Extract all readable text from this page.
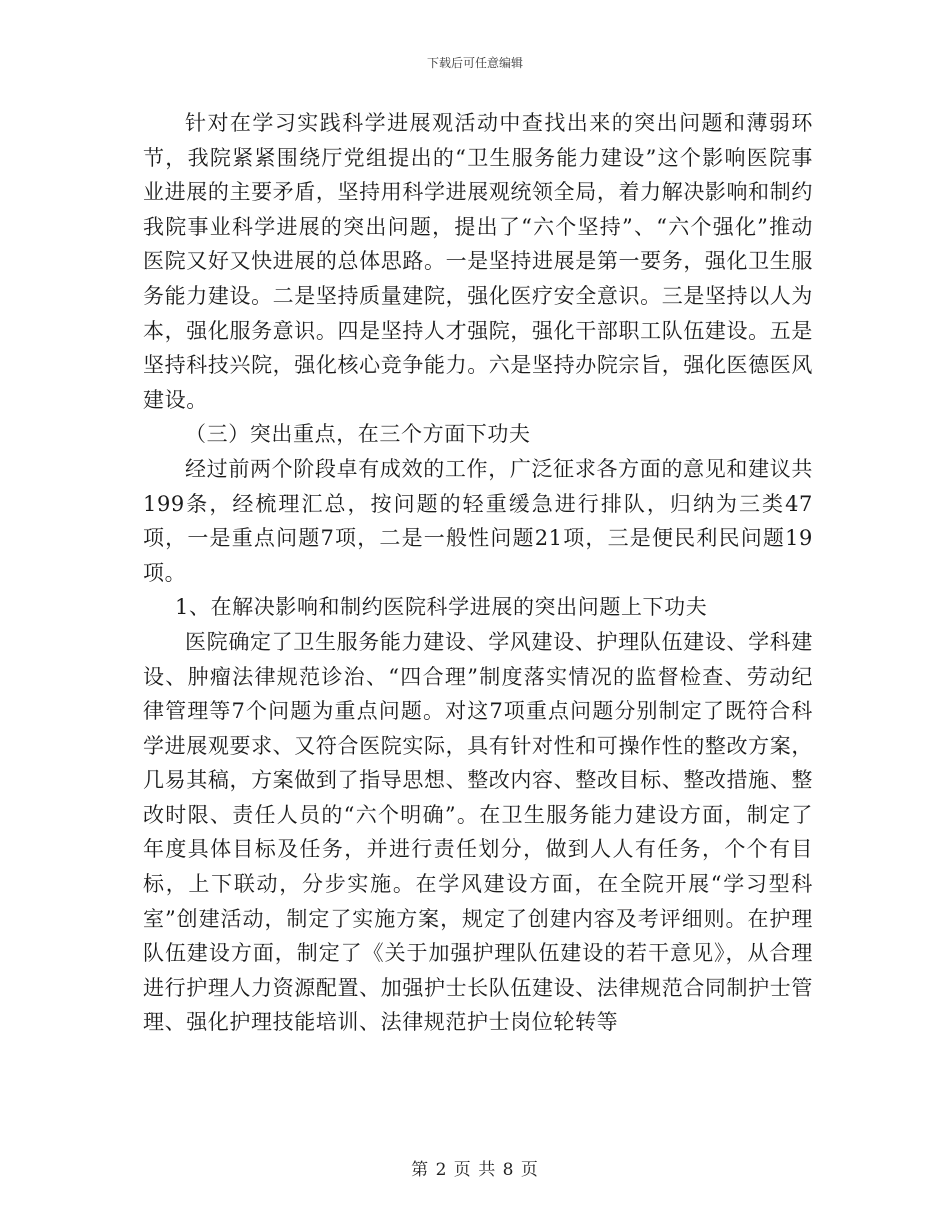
下载后可任意编辑

针对在学习实践科学进展观活动中查找出来的突出问题和薄弱环节，我院紧紧围绕厅党组提出的“卫生服务能力建设”这个影响医院事业进展的主要矛盾，坚持用科学进展观统领全局，着力解决影响和制约我院事业科学进展的突出问题，提出了“六个坚持”、“六个强化”推动医院又好又快进展的总体思路。一是坚持进展是第一要务，强化卫生服务能力建设。二是坚持质量建院，强化医疗安全意识。三是坚持以人为本，强化服务意识。四是坚持人才强院，强化干部职工队伍建设。五是坚持科技兴院，强化核心竞争能力。六是坚持办院宗旨，强化医德医风建设。

（三）突出重点，在三个方面下功夫

经过前两个阶段卓有成效的工作，广泛征求各方面的意见和建议共199条，经梳理汇总，按问题的轻重缓急进行排队，归纳为三类47项，一是重点问题7项，二是一般性问题21项，三是便民利民问题19项。

1、在解决影响和制约医院科学进展的突出问题上下功夫

医院确定了卫生服务能力建设、学风建设、护理队伍建设、学科建设、肿瘤法律规范诊治、“四合理”制度落实情况的监督检查、劳动纪律管理等7个问题为重点问题。对这7项重点问题分别制定了既符合科学进展观要求、又符合医院实际，具有针对性和可操作性的整改方案，几易其稿，方案做到了指导思想、整改内容、整改目标、整改措施、整改时限、责任人员的“六个明确”。在卫生服务能力建设方面，制定了年度具体目标及任务，并进行责任划分，做到人人有任务，个个有目标，上下联动，分步实施。在学风建设方面，在全院开展“学习型科室”创建活动，制定了实施方案，规定了创建内容及考评细则。在护理队伍建设方面，制定了《关于加强护理队伍建设的若干意见》，从合理进行护理人力资源配置、加强护士长队伍建设、法律规范合同制护士管理、强化护理技能培训、法律规范护士岗位轮转等

第 2 页 共 8 页
